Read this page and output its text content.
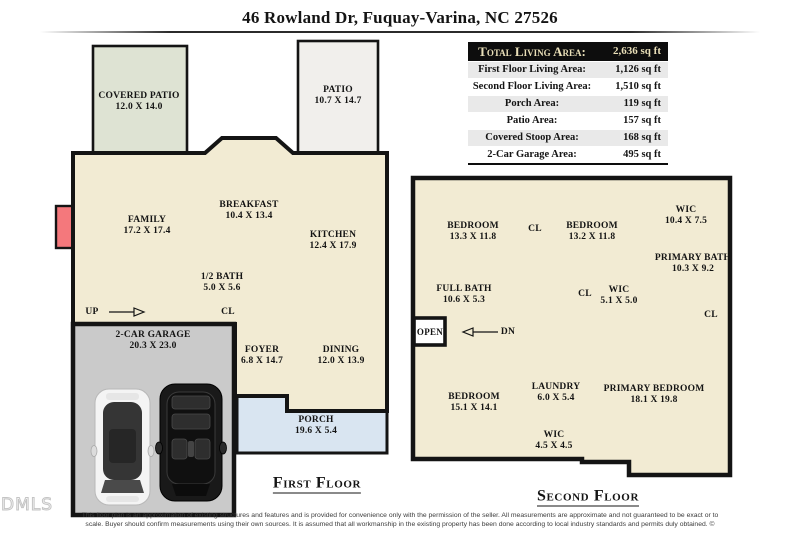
46 Rowland Dr, Fuquay-Varina, NC 27526
Total Living Area:	2,636 sq ft
First Floor Living Area:	1,126 sq ft
Second Floor Living Area:	1,510 sq ft
Porch Area:	119 sq ft
Patio Area:	157 sq ft
Covered Stoop Area:	168 sq ft
2-Car Garage Area:	495 sq ft
COVERED PATIO
12.0 X 14.0
PATIO
10.7 X 14.7
BREAKFAST
10.4 X 13.4
FAMILY
17.2 X 17.4	KITCHEN
12.4 X 17.9
1/2 BATH
5.0 X 5.6
2-CAR GARAGE
20.3 X 23.0	FOYER
6.8 X 14.7
DINING
12.0 X 13.9
PORCH
19.6 X 5.4
UP	CL
First Floor
BEDROOM
13.3 X 11.8
CL	BEDROOM
13.2 X 11.8
WIC
10.4 X 7.5
PRIMARY BATH
10.3 X 9.2
FULL BATH
10.6 X 5.3
CL	WIC
5.1 X 5.0
CL
OPEN	DN
BEDROOM
15.1 X 14.1
LAUNDRY
6.0 X 5.4
PRIMARY BEDROOM
18.1 X 19.8
WIC
4.5 X 4.5
Second Floor
DMLS
This floor plan is an approximation of existing structures and features and is provided for convenience only with the permission of the seller. All measurements are approximate and not guaranteed to be exact or to
scale. Buyer should confirm measurements using their own sources. It is assumed that all workmanship in the existing property has been done according to local industry standards and permits duly obtained. ©
